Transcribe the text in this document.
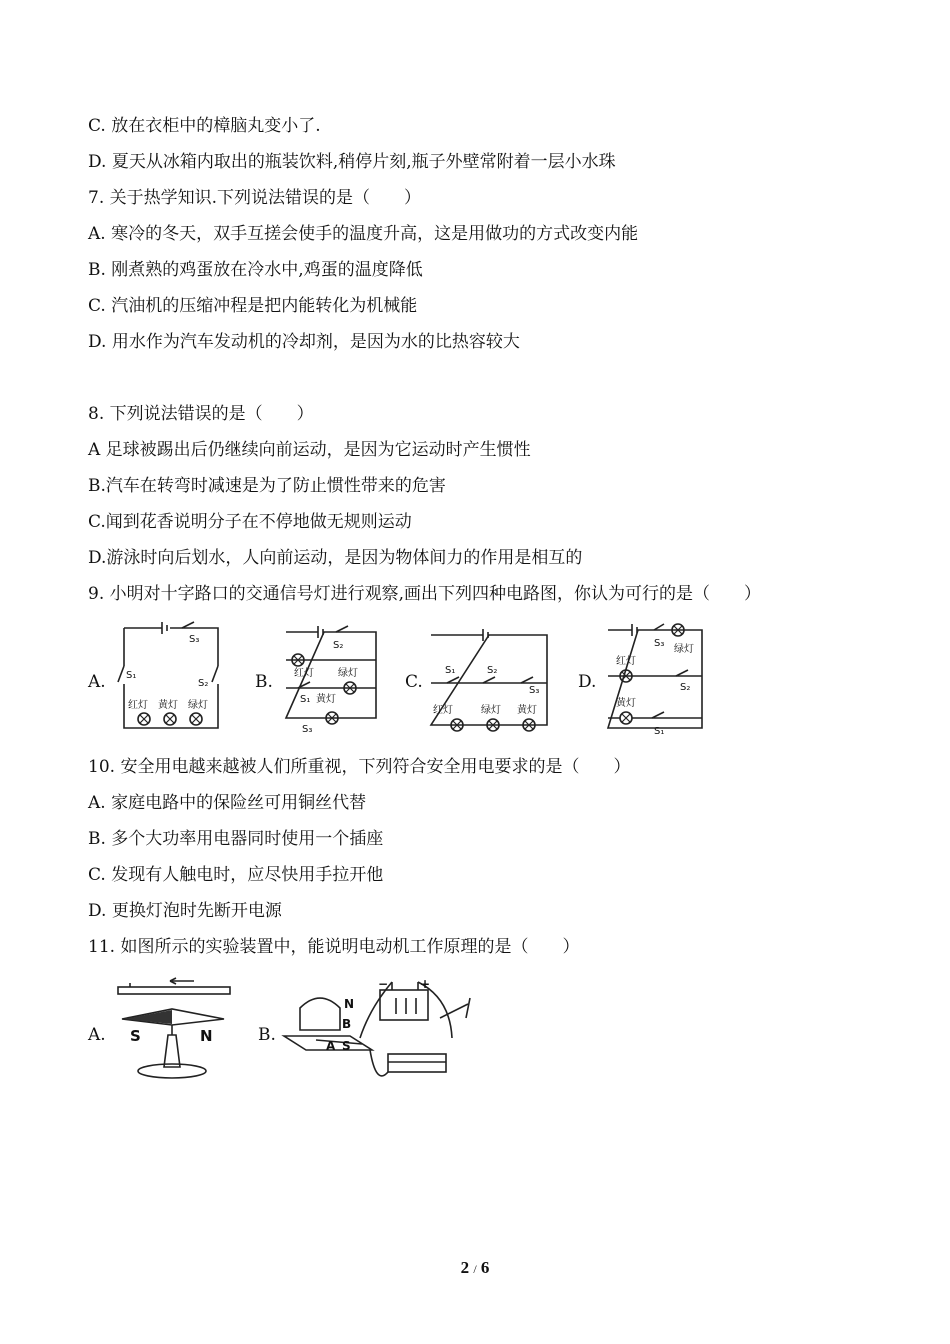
C. 放在衣柜中的樟脑丸变小了.
D. 夏天从冰箱内取出的瓶装饮料,稍停片刻,瓶子外壁常附着一层小水珠
7. 关于热学知识.下列说法错误的是（　　）
A. 寒冷的冬天，双手互搓会使手的温度升高，这是用做功的方式改变内能
B. 刚煮熟的鸡蛋放在冷水中,鸡蛋的温度降低
C. 汽油机的压缩冲程是把内能转化为机械能
D. 用水作为汽车发动机的冷却剂，是因为水的比热容较大
8. 下列说法错误的是（　　）
A 足球被踢出后仍继续向前运动，是因为它运动时产生惯性
B.汽车在转弯时减速是为了防止惯性带来的危害
C.闻到花香说明分子在不停地做无规则运动
D.游泳时向后划水，人向前运动，是因为物体间力的作用是相互的
9. 小明对十字路口的交通信号灯进行观察,画出下列四种电路图，你认为可行的是（　　）
A.	B.	C.	D.
S₃
S₁
S₂
红灯 黄灯 绿灯
S₂
红灯 绿灯
S₁ 黄灯
S₃
S₁	S₂
S₃
红灯	绿灯 黄灯
S₃
绿灯
红灯
S₂
黄灯
S₁
10. 安全用电越来越被人们所重视，下列符合安全用电要求的是（　　）
A. 家庭电路中的保险丝可用铜丝代替
B. 多个大功率用电器同时使用一个插座
C. 发现有人触电时，应尽快用手拉开他
D. 更换灯泡时先断开电源
11. 如图所示的实验装置中，能说明电动机工作原理的是（　　）
A.	B.
S	N
N
B
A S
−	+
2 / 6
